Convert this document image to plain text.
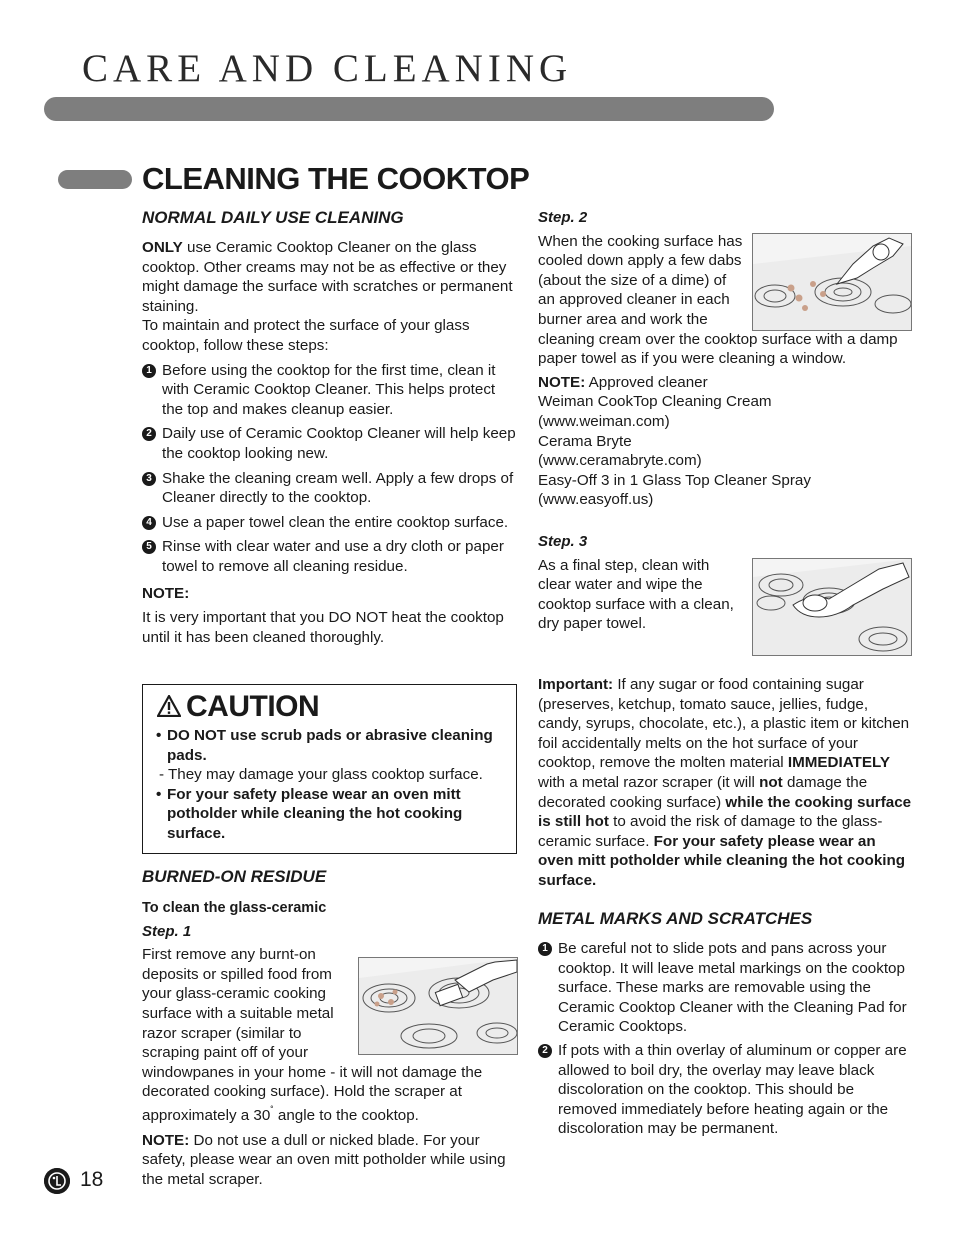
CARE AND CLEANING
CLEANING THE COOKTOP
NORMAL DAILY USE CLEANING

ONLY use Ceramic Cooktop Cleaner on the glass cooktop. Other creams may not be as effective or they might damage the surface with scratches or permanent staining.

To maintain and protect the surface of your glass cooktop, follow these steps:

1 Before using the cooktop for the first time, clean it with Ceramic Cooktop Cleaner. This helps protect the top and makes cleanup easier.

2 Daily use of Ceramic Cooktop Cleaner will help keep the cooktop looking new.

3 Shake the cleaning cream well. Apply a few drops of Cleaner directly to the cooktop.

4 Use a paper towel clean the entire cooktop surface.

5 Rinse with clear water and use a dry cloth or paper towel to remove all cleaning residue.

NOTE:

It is very important that you DO NOT heat the cooktop until it has been cleaned thoroughly.

CAUTION
• DO NOT use scrub pads or abrasive cleaning pads.

- They may damage your glass cooktop surface.

• For your safety please wear an oven mitt potholder while cleaning the hot cooking surface.

BURNED-ON RESIDUE

To clean the glass-ceramic

Step. 1

First remove any burnt-on

deposits or spilled food from

your glass-ceramic cooking

surface with a suitable metal

razor scraper (similar to

scraping paint off of your

windowpanes in your home - it will not damage the decorated cooking surface). Hold the scraper at approximately a 30˚ angle to the cooktop.

NOTE: Do not use a dull or nicked blade. For your safety, please wear an oven mitt potholder while using the metal scraper.

Step. 2

When the cooking surface has

cooled down apply a few dabs

(about the size of a dime) of

an approved cleaner in each

burner area and work the

cleaning cream over the cooktop surface with a damp paper towel as if you were cleaning a window.

NOTE: Approved cleaner

Weiman CookTop Cleaning Cream

(www.weiman.com)

Cerama Bryte

(www.ceramabryte.com)

Easy-Off 3 in 1 Glass Top Cleaner Spray

(www.easyoff.us)

Step. 3

As a final step, clean with

clear water and wipe the

cooktop surface with a clean,

dry paper towel.

Important: If any sugar or food containing sugar (preserves, ketchup, tomato sauce, jellies, fudge, candy, syrups, chocolate, etc.), a plastic item or kitchen foil accidentally melts on the hot surface of your cooktop, remove the molten material IMMEDIATELY with a metal razor scraper (it will not damage the decorated cooking surface) while the cooking surface is still hot to avoid the risk of damage to the glass-ceramic surface. For your safety please wear an oven mitt potholder while cleaning the hot cooking surface.

METAL MARKS AND SCRATCHES
1 Be careful not to slide pots and pans across your cooktop. It will leave metal markings on the cooktop surface. These marks are removable using the Ceramic Cooktop Cleaner with the Cleaning Pad for Ceramic Cooktops.

2 If pots with a thin overlay of aluminum or copper are allowed to boil dry, the overlay may leave black discoloration on the cooktop. This should be removed immediately before heating again or the discoloration may be permanent.

18
